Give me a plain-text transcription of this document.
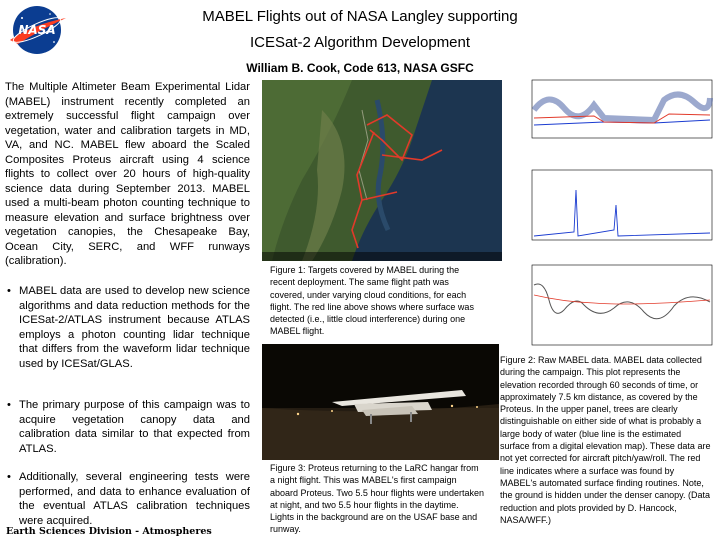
NASA
MABEL Flights out of NASA Langley supporting
ICESat-2 Algorithm Development
William B. Cook, Code 613, NASA GSFC
The Multiple Altimeter Beam Experimental Lidar (MABEL) instrument recently completed an extremely successful flight campaign over vegetation, water and calibration targets in MD, VA, and NC. MABEL flew aboard the Scaled Composites Proteus aircraft using 4 science flights to collect over 20 hours of high-quality science data during September 2013. MABEL used a multi-beam photon counting technique to measure elevation and surface brightness over vegetation canopies, the Chesapeake Bay, Ocean City, SERC, and WFF runways (calibration).
• MABEL data are used to develop new science algorithms and data reduction methods for the ICESat-2/ATLAS instrument because ATLAS employs a photon counting lidar technique that differs from the waveform lidar technique used by ICESat/GLAS.
• The primary purpose of this campaign was to acquire vegetation canopy data and calibration data similar to that expected from ATLAS.
• Additionally, several engineering tests were performed, and data to enhance evaluation of the eventual ATLAS calibration techniques were acquired.
Earth Sciences Division - Atmospheres
Figure 1: Targets covered by MABEL during the recent deployment. The same flight path was covered, under varying cloud conditions, for each flight. The red line above shows where surface was detected (i.e., little cloud interference) during one MABEL flight.
Figure 2: Raw MABEL data. MABEL data collected during the campaign. This plot represents the elevation recorded through 60 seconds of time, or approximately 7.5 km distance, as covered by the Proteus. In the upper panel, trees are clearly distinguishable on either side of what is probably a large body of water (blue line is the estimated surface from a digital elevation map). These data are not yet corrected for aircraft pitch/yaw/roll. The red line indicates where a surface was found by MABEL's automated surface finding routines. Note, the ground is hidden under the denser canopy. (Data reduction and plots provided by D. Hancock, NASA/WFF.)
Figure 3: Proteus returning to the LaRC hangar from a night flight. This was MABEL's first campaign aboard Proteus. Two 5.5 hour flights were undertaken at night, and two 5.5 hour flights in the daytime. Lights in the background are on the USAF base and runway.
